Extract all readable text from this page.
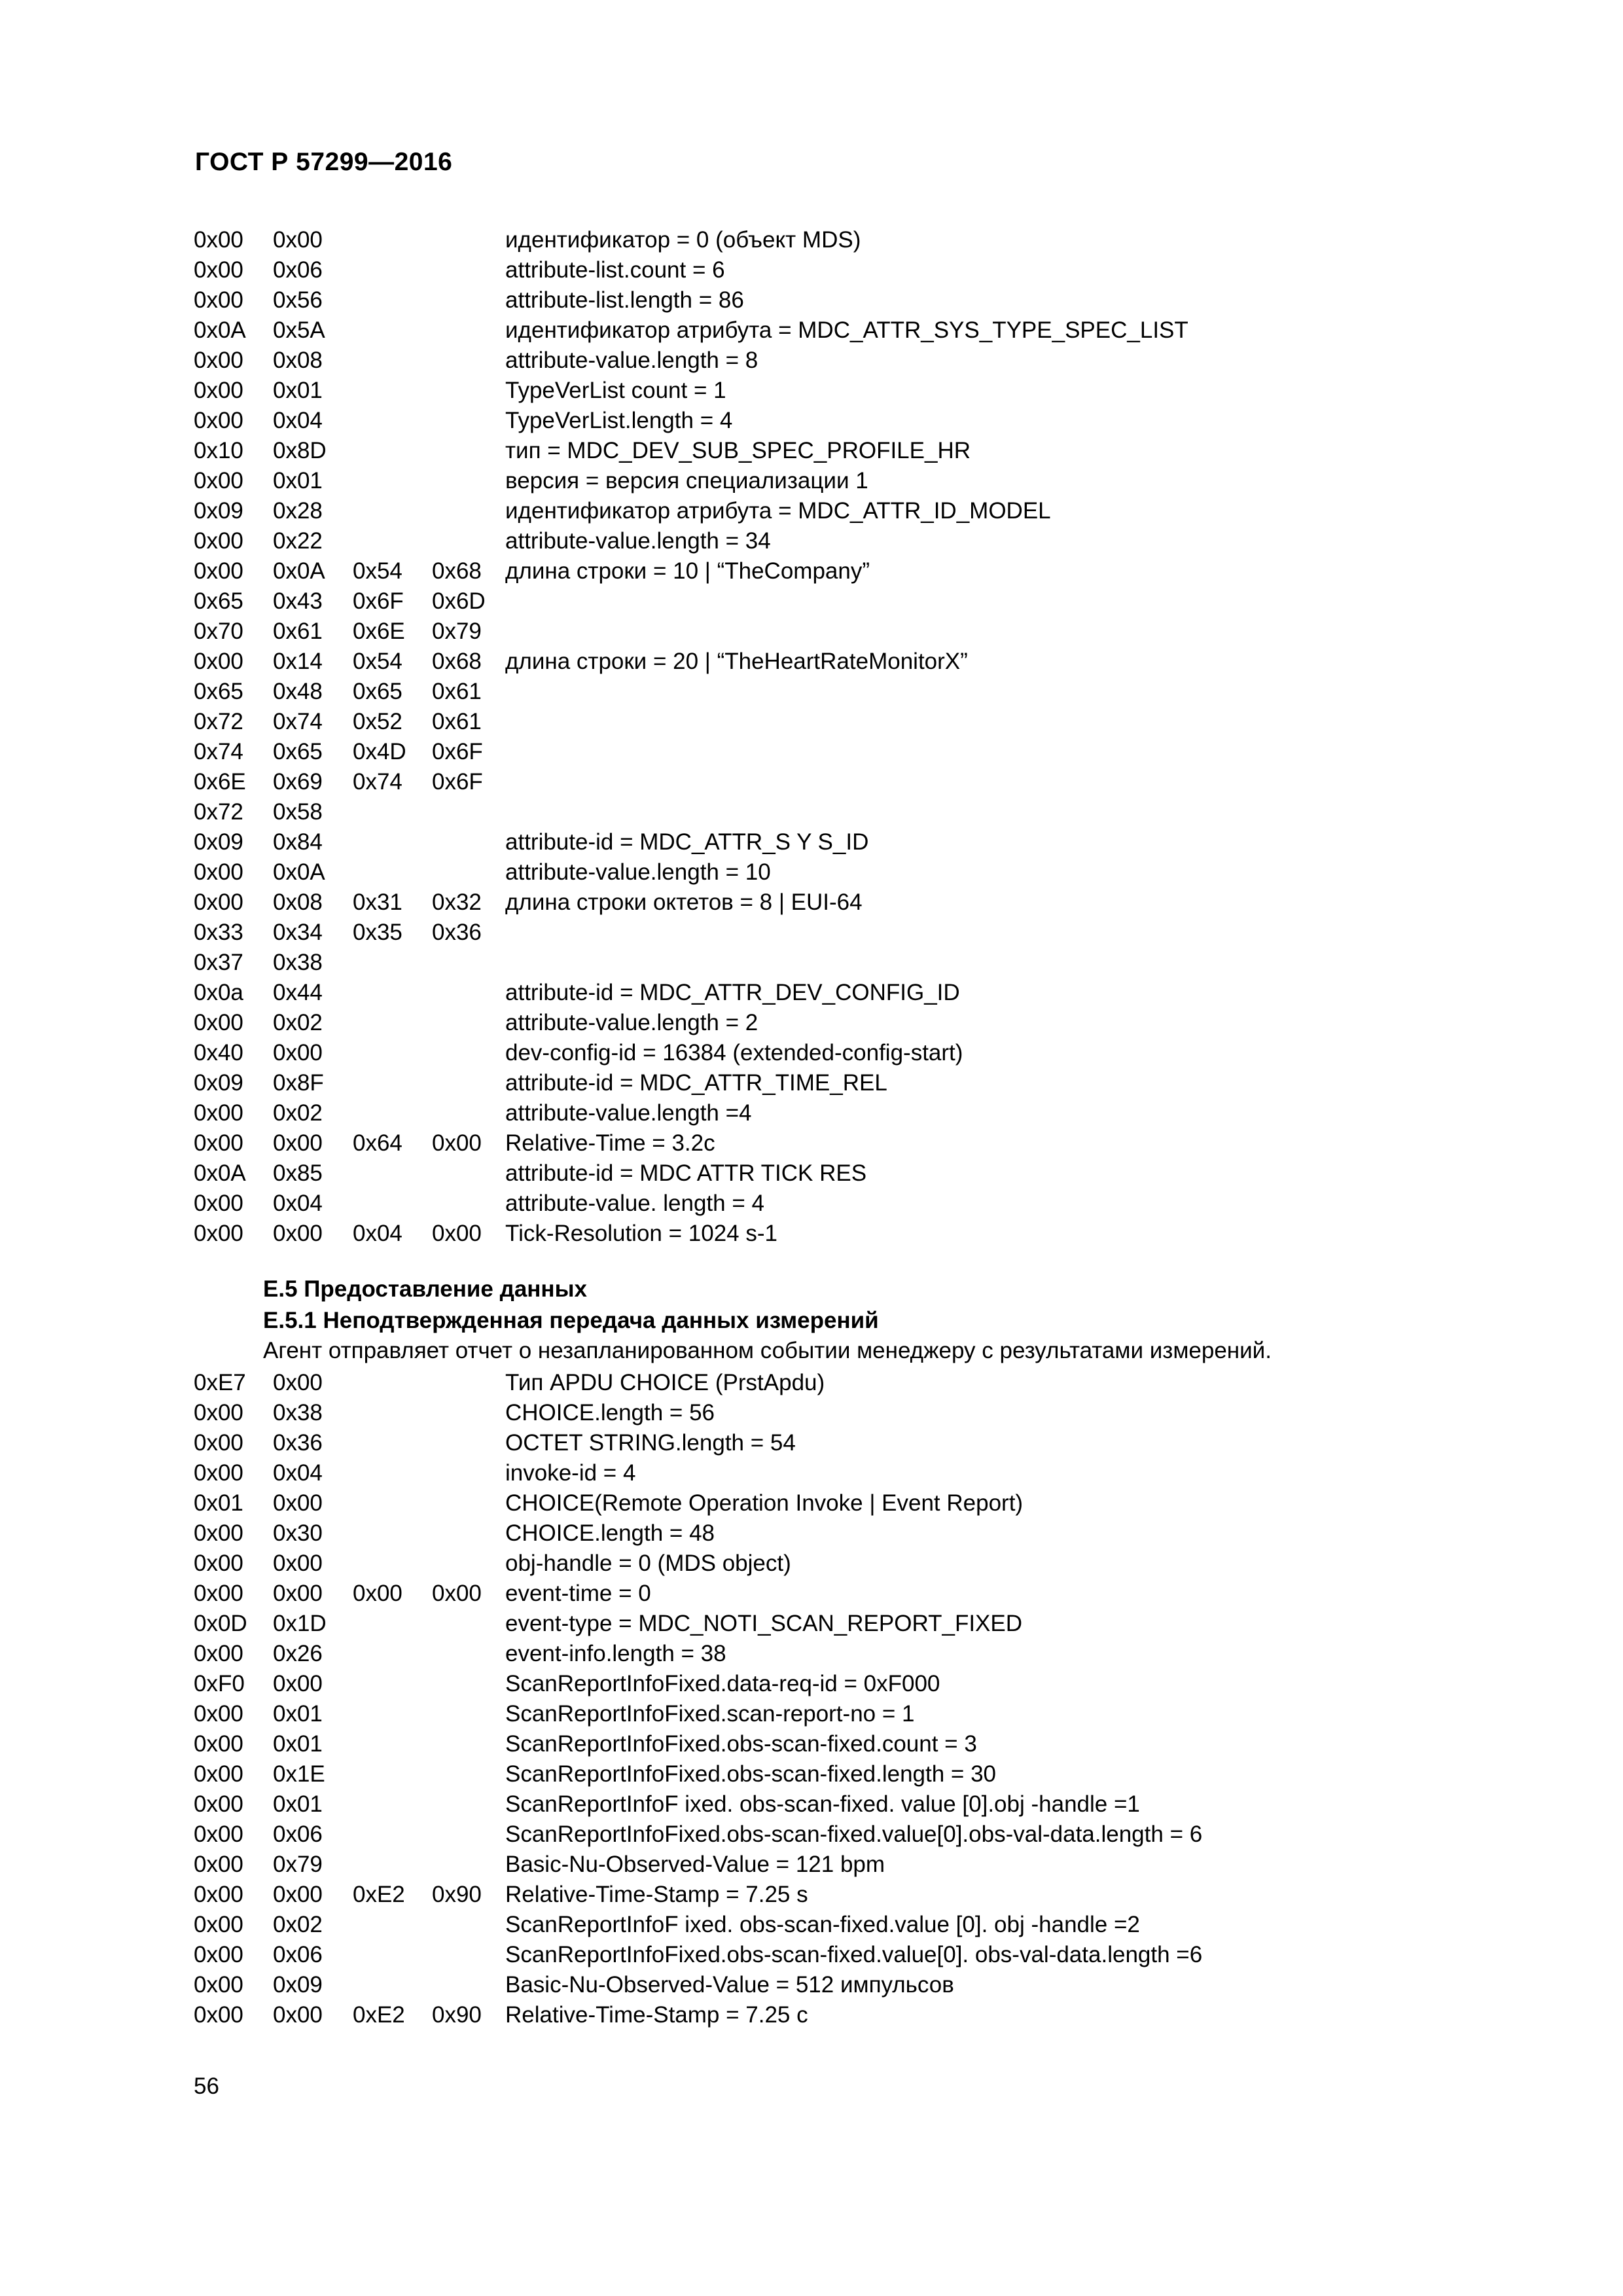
ГОСТ Р 57299—2016
0x00 0x00	идентификатор = 0 (объект MDS)
0x00 0x06	attribute-list.count = 6
0x00 0x56	attribute-list.length = 86
0x0A 0x5A	идентификатор атрибута = MDC_ATTR_SYS_TYPE_SPEC_LIST
0x00 0x08	attribute-value.length = 8
0x00 0x01	TypeVerList count = 1
0x00 0x04	TypeVerList.length = 4
0x10 0x8D	тип = MDC_DEV_SUB_SPEC_PROFILE_HR
0x00 0x01	версия = версия специализации 1
0x09 0x28	идентификатор атрибута = MDC_ATTR_ID_MODEL
0x00 0x22	attribute-value.length = 34
0x00 0x0A 0x54 0x68 длина строки = 10 | “TheCompany”
0x65 0x43 0x6F 0x6D
0x70 0x61 0x6E 0x79
0x00 0x14 0x54 0x68 длина строки = 20 | “TheHeartRateMonitorX”
0x65 0x48 0x65 0x61
0x72 0x74 0x52 0x61
0x74 0x65 0x4D 0x6F
0x6E 0x69 0x74 0x6F
0x72 0x58
0x09 0x84	attribute-id = MDC_ATTR_S Y S_ID
0x00 0x0A	attribute-value.length = 10
0x00 0x08 0x31 0x32 длина строки октетов = 8 | EUI-64
0x33 0x34 0x35 0x36
0x37 0x38
0x0a 0x44	attribute-id = MDC_ATTR_DEV_CONFIG_ID
0x00 0x02	attribute-value.length = 2
0x40 0x00	dev-config-id = 16384 (extended-config-start)
0x09 0x8F	attribute-id = MDC_ATTR_TIME_REL
0x00 0x02	attribute-value.length =4
0x00 0x00 0x64 0x00 Relative-Time = 3.2c
0x0A 0x85	attribute-id = MDC ATTR TICK RES
0x00 0x04	attribute-value. length = 4
0x00 0x00 0x04 0x00 Tick-Resolution = 1024 s-1
E.5 Предоставление данных
E.5.1 Неподтвержденная передача данных измерений
Агент отправляет отчет о незапланированном событии менеджеру с результатами измерений.
0xE7 0x00	Тип APDU CHOICE (PrstApdu)
0x00 0x38	CHOICE.length = 56
0x00 0x36	OCTET STRING.length = 54
0x00 0x04	invoke-id = 4
0x01 0x00	CHOICE(Remote Operation Invoke | Event Report)
0x00 0x30	CHOICE.length = 48
0x00 0x00	obj-handle = 0 (MDS object)
0x00 0x00 0x00 0x00 event-time = 0
0x0D 0x1D	event-type = MDC_NOTI_SCAN_REPORT_FIXED
0x00 0x26	event-info.length = 38
0xF0 0x00	ScanReportInfoFixed.data-req-id = 0xF000
0x00 0x01	ScanReportInfoFixed.scan-report-no = 1
0x00 0x01	ScanReportInfoFixed.obs-scan-fixed.count = 3
0x00 0x1E	ScanReportInfoFixed.obs-scan-fixed.length = 30
0x00 0x01	ScanReportInfoF ixed. obs-scan-fixed. value [0].obj -handle =1
0x00 0x06	ScanReportInfoFixed.obs-scan-fixed.value[0].obs-val-data.length = 6
0x00 0x79	Basic-Nu-Observed-Value = 121 bpm
0x00 0x00 0xE2 0x90 Relative-Time-Stamp = 7.25 s
0x00 0x02	ScanReportInfoF ixed. obs-scan-fixed.value [0]. obj -handle =2
0x00 0x06	ScanReportInfoFixed.obs-scan-fixed.value[0]. obs-val-data.length =6
0x00 0x09	Basic-Nu-Observed-Value = 512 импульсов
0x00 0x00 0xE2 0x90 Relative-Time-Stamp = 7.25 c
56
